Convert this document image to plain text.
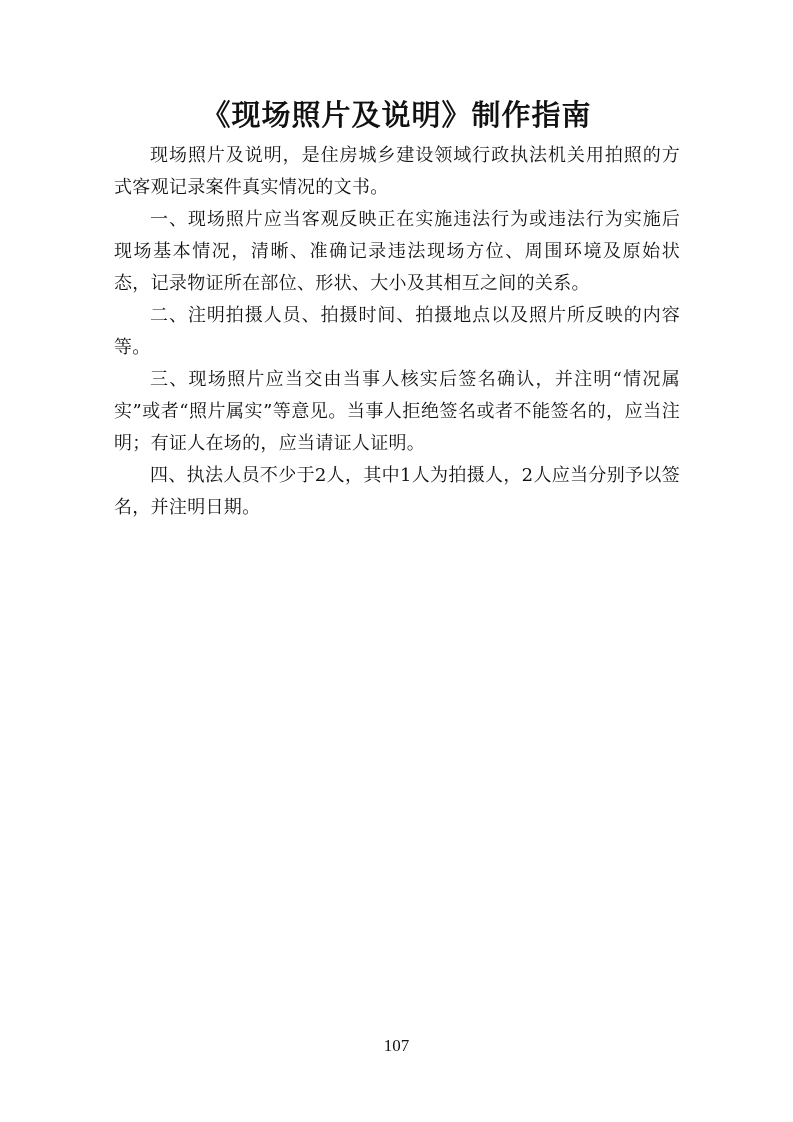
《现场照片及说明》制作指南

现场照片及说明，是住房城乡建设领域行政执法机关用拍照的方式客观记录案件真实情况的文书。

一、现场照片应当客观反映正在实施违法行为或违法行为实施后现场基本情况，清晰、准确记录违法现场方位、周围环境及原始状态，记录物证所在部位、形状、大小及其相互之间的关系。

二、注明拍摄人员、拍摄时间、拍摄地点以及照片所反映的内容等。

三、现场照片应当交由当事人核实后签名确认，并注明“情况属实”或者“照片属实”等意见。当事人拒绝签名或者不能签名的，应当注明；有证人在场的，应当请证人证明。

四、执法人员不少于2人，其中1人为拍摄人，2人应当分别予以签名，并注明日期。

107
